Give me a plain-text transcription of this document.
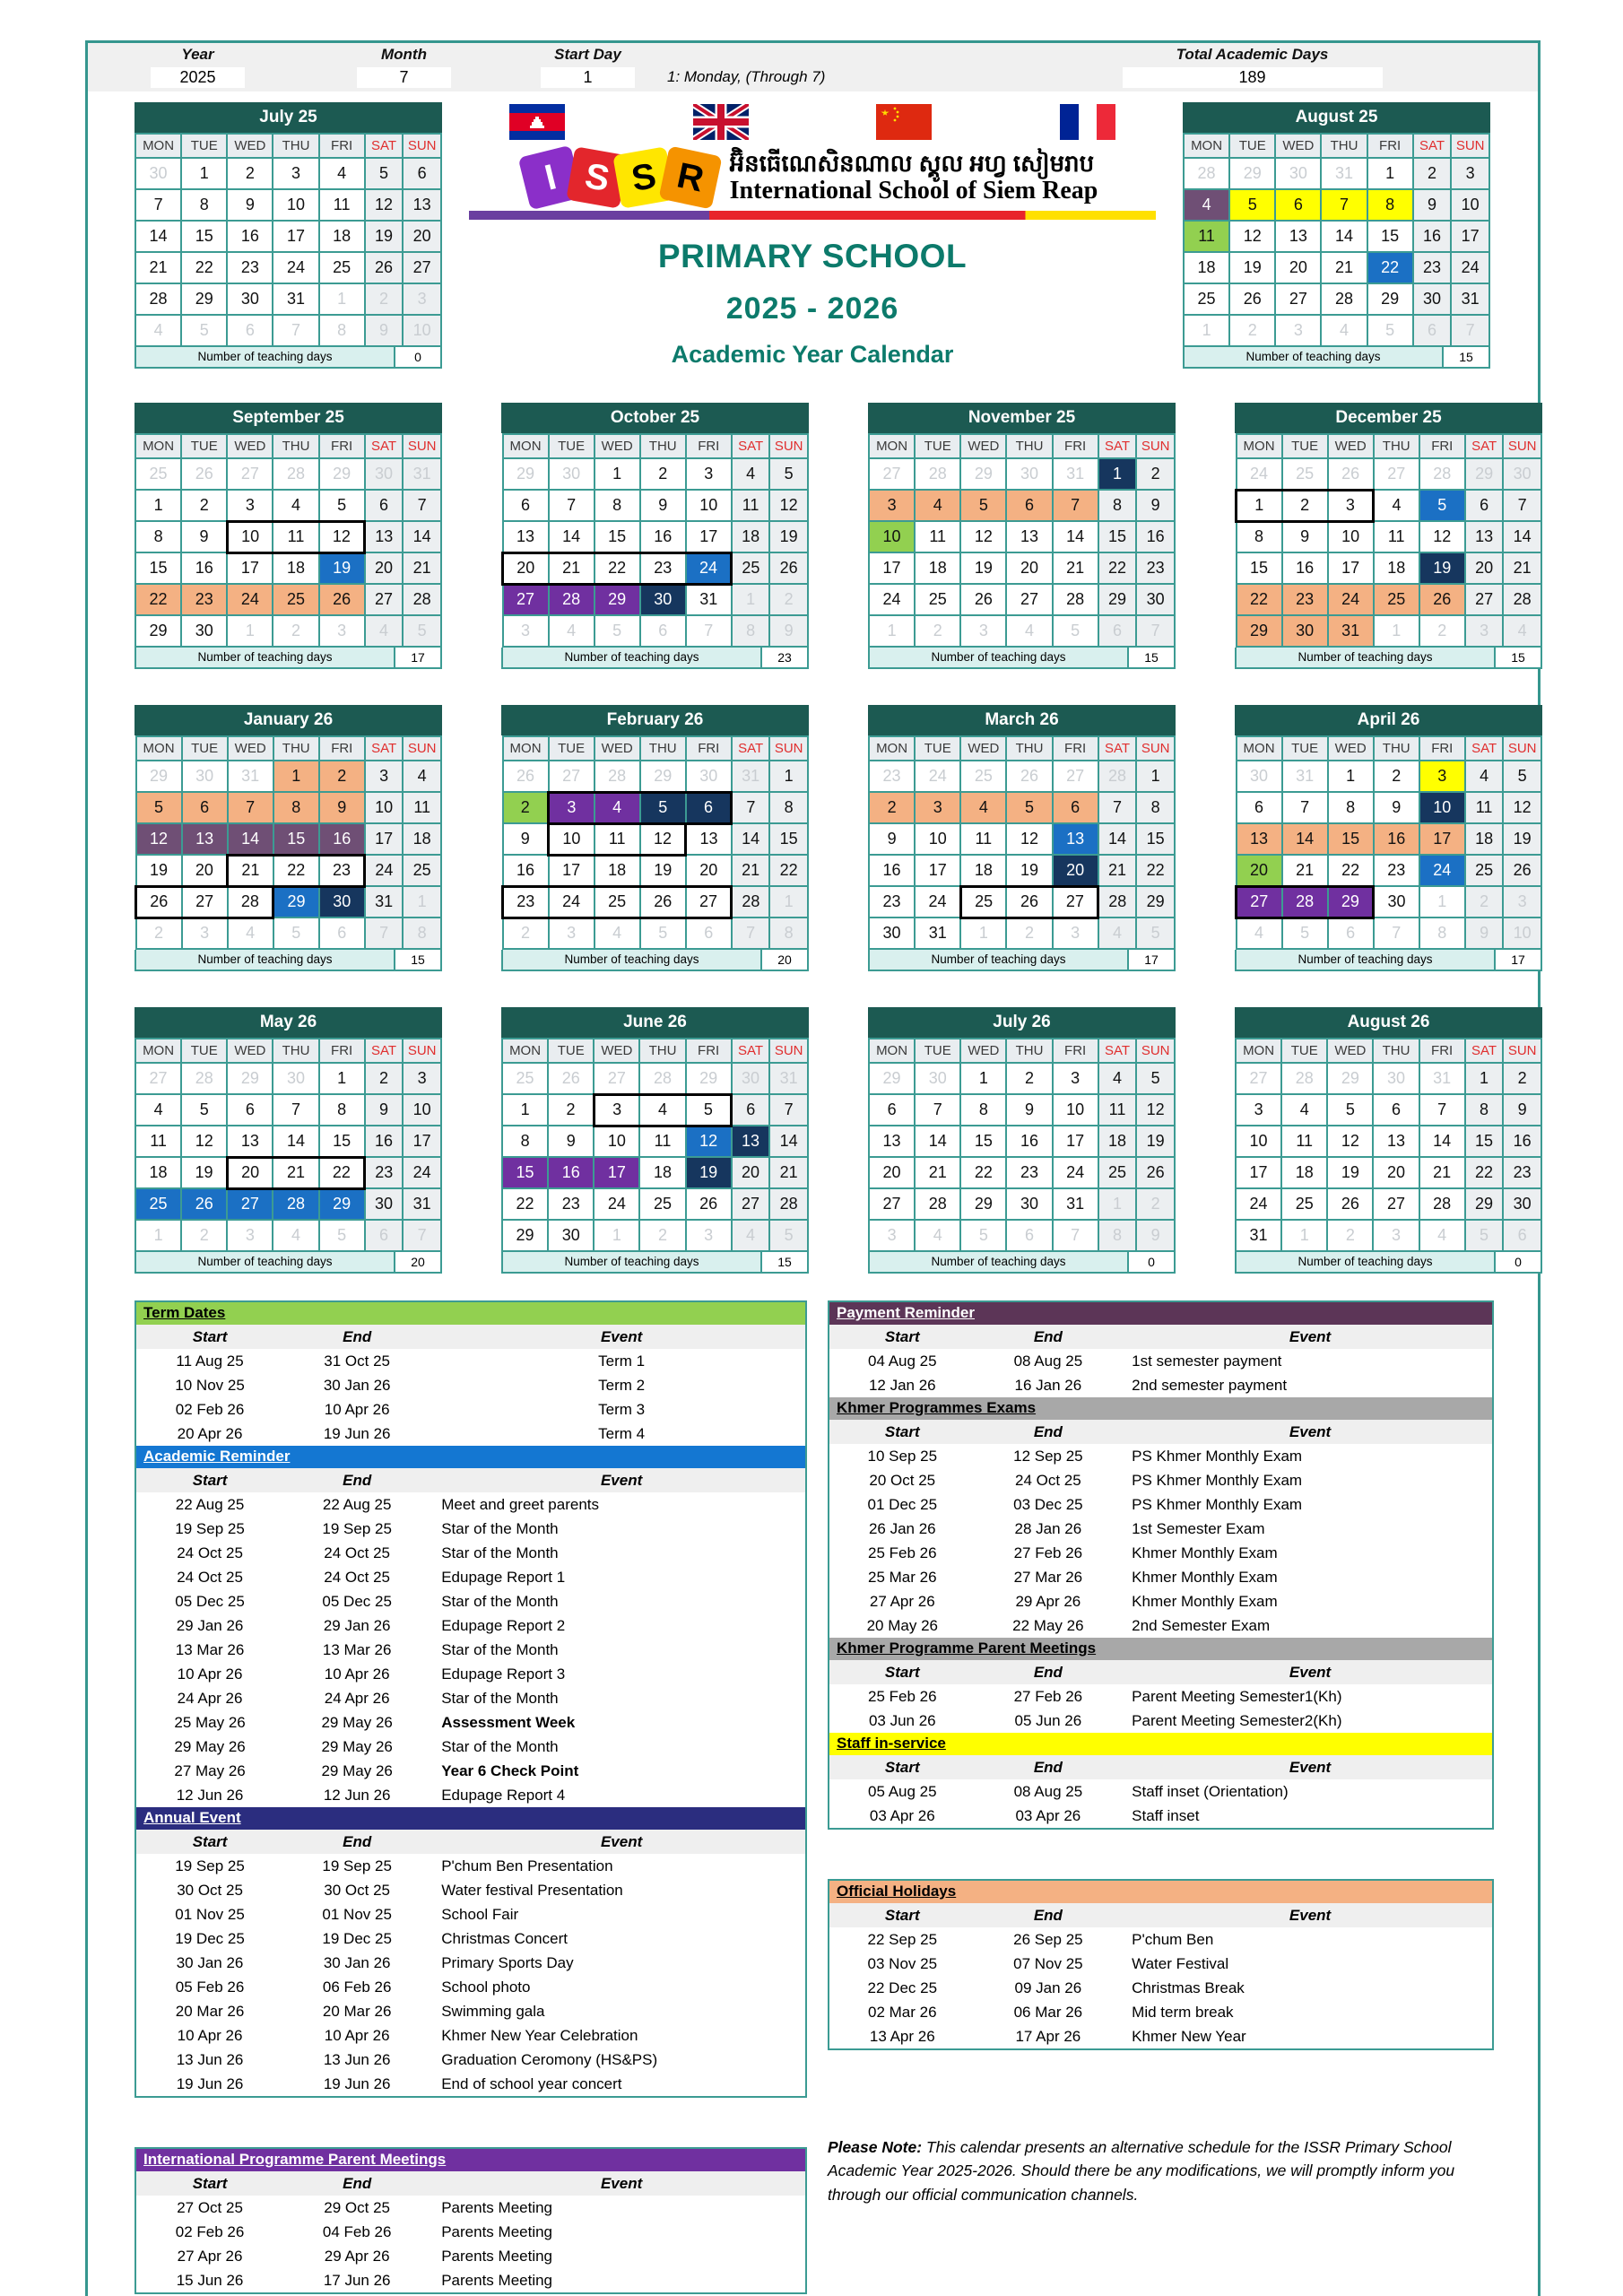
Year
2025
Month
7
Start Day
1	1: Monday, (Through 7)
Total Academic Days
189
July 25
MON	TUE	WED	THU	FRI	SAT	SUN
30	1	2	3	4	5	6
7	8	9	10	11	12	13
14	15	16	17	18	19	20
21	22	23	24	25	26	27
28	29	30	31	1	2	3
4	5	6	7	8	9	10
Number of teaching days	0
I S S R អ៊ិនធើណេសិនណាល ស្គូល អហ្វ សៀមរាប
International School of Siem Reap
PRIMARY SCHOOL
2025 - 2026
Academic Year Calendar
August 25
MON	TUE	WED	THU	FRI	SAT	SUN
28	29	30	31	1	2	3
4	5	6	7	8	9	10
11	12	13	14	15	16	17
18	19	20	21	22	23	24
25	26	27	28	29	30	31
1	2	3	4	5	6	7
Number of teaching days	15
September 25
MON	TUE	WED	THU	FRI	SAT	SUN
25	26	27	28	29	30	31
1	2	3	4	5	6	7
8	9	10	11	12	13	14
15	16	17	18	19	20	21
22	23	24	25	26	27	28
29	30	1	2	3	4	5
Number of teaching days	17
October 25
MON	TUE	WED	THU	FRI	SAT	SUN
29	30	1	2	3	4	5
6	7	8	9	10	11	12
13	14	15	16	17	18	19
20	21	22	23	24	25	26
27	28	29	30	31	1	2
3	4	5	6	7	8	9
Number of teaching days	23
November 25
MON	TUE	WED	THU	FRI	SAT	SUN
27	28	29	30	31	1	2
3	4	5	6	7	8	9
10	11	12	13	14	15	16
17	18	19	20	21	22	23
24	25	26	27	28	29	30
1	2	3	4	5	6	7
Number of teaching days	15
December 25
MON	TUE	WED	THU	FRI	SAT	SUN
24	25	26	27	28	29	30
1	2	3	4	5	6	7
8	9	10	11	12	13	14
15	16	17	18	19	20	21
22	23	24	25	26	27	28
29	30	31	1	2	3	4
Number of teaching days	15
January 26
MON	TUE	WED	THU	FRI	SAT	SUN
29	30	31	1	2	3	4
5	6	7	8	9	10	11
12	13	14	15	16	17	18
19	20	21	22	23	24	25
26	27	28	29	30	31	1
2	3	4	5	6	7	8
Number of teaching days	15
February 26
MON	TUE	WED	THU	FRI	SAT	SUN
26	27	28	29	30	31	1
2	3	4	5	6	7	8
9	10	11	12	13	14	15
16	17	18	19	20	21	22
23	24	25	26	27	28	1
2	3	4	5	6	7	8
Number of teaching days	20
March 26
MON	TUE	WED	THU	FRI	SAT	SUN
23	24	25	26	27	28	1
2	3	4	5	6	7	8
9	10	11	12	13	14	15
16	17	18	19	20	21	22
23	24	25	26	27	28	29
30	31	1	2	3	4	5
Number of teaching days	17
April 26
MON	TUE	WED	THU	FRI	SAT	SUN
30	31	1	2	3	4	5
6	7	8	9	10	11	12
13	14	15	16	17	18	19
20	21	22	23	24	25	26
27	28	29	30	1	2	3
4	5	6	7	8	9	10
Number of teaching days	17
May 26
MON	TUE	WED	THU	FRI	SAT	SUN
27	28	29	30	1	2	3
4	5	6	7	8	9	10
11	12	13	14	15	16	17
18	19	20	21	22	23	24
25	26	27	28	29	30	31
1	2	3	4	5	6	7
Number of teaching days	20
June 26
MON	TUE	WED	THU	FRI	SAT	SUN
25	26	27	28	29	30	31
1	2	3	4	5	6	7
8	9	10	11	12	13	14
15	16	17	18	19	20	21
22	23	24	25	26	27	28
29	30	1	2	3	4	5
Number of teaching days	15
July 26
MON	TUE	WED	THU	FRI	SAT	SUN
29	30	1	2	3	4	5
6	7	8	9	10	11	12
13	14	15	16	17	18	19
20	21	22	23	24	25	26
27	28	29	30	31	1	2
3	4	5	6	7	8	9
Number of teaching days	0
August 26
MON	TUE	WED	THU	FRI	SAT	SUN
27	28	29	30	31	1	2
3	4	5	6	7	8	9
10	11	12	13	14	15	16
17	18	19	20	21	22	23
24	25	26	27	28	29	30
31	1	2	3	4	5	6
Number of teaching days	0
Term Dates
Start	End	Event
11 Aug 25	31 Oct 25	Term 1
10 Nov 25	30 Jan 26	Term 2
02 Feb 26	10 Apr 26	Term 3
20 Apr 26	19 Jun 26	Term 4
Academic Reminder
Start	End	Event
22 Aug 25	22 Aug 25	Meet and greet parents
19 Sep 25	19 Sep 25	Star of the Month
24 Oct 25	24 Oct 25	Star of the Month
24 Oct 25	24 Oct 25	Edupage Report 1
05 Dec 25	05 Dec 25	Star of the Month
29 Jan 26	29 Jan 26	Edupage Report 2
13 Mar 26	13 Mar 26	Star of the Month
10 Apr 26	10 Apr 26	Edupage Report 3
24 Apr 26	24 Apr 26	Star of the Month
25 May 26	29 May 26	Assessment Week
29 May 26	29 May 26	Star of the Month
27 May 26	29 May 26	Year 6 Check Point
12 Jun 26	12 Jun 26	Edupage Report 4
Annual Event
Start	End	Event
19 Sep 25	19 Sep 25	P'chum Ben Presentation
30 Oct 25	30 Oct 25	Water festival Presentation
01 Nov 25	01 Nov 25	School Fair
19 Dec 25	19 Dec 25	Christmas Concert
30 Jan 26	30 Jan 26	Primary Sports Day
05 Feb 26	06 Feb 26	School photo
20 Mar 26	20 Mar 26	Swimming gala
10 Apr 26	10 Apr 26	Khmer New Year Celebration
13 Jun 26	13 Jun 26	Graduation Ceromony (HS&PS)
19 Jun 26	19 Jun 26	End of school year concert
International Programme Parent Meetings
Start	End	Event
27 Oct 25	29 Oct 25	Parents Meeting
02 Feb 26	04 Feb 26	Parents Meeting
27 Apr 26	29 Apr 26	Parents Meeting
15 Jun 26	17 Jun 26	Parents Meeting
Payment Reminder
Start	End	Event
04 Aug 25	08 Aug 25	1st semester payment
12 Jan 26	16 Jan 26	2nd semester payment
Khmer Programmes Exams
Start	End	Event
10 Sep 25	12 Sep 25	PS Khmer Monthly Exam
20 Oct 25	24 Oct 25	PS Khmer Monthly Exam
01 Dec 25	03 Dec 25	PS Khmer Monthly Exam
26 Jan 26	28 Jan 26	1st Semester Exam
25 Feb 26	27 Feb 26	Khmer Monthly Exam
25 Mar 26	27 Mar 26	Khmer Monthly Exam
27 Apr 26	29 Apr 26	Khmer Monthly Exam
20 May 26	22 May 26	2nd Semester Exam
Khmer Programme Parent Meetings
Start	End	Event
25 Feb 26	27 Feb 26	Parent Meeting Semester1(Kh)
03 Jun 26	05 Jun 26	Parent Meeting Semester2(Kh)
Staff in-service
Start	End	Event
05 Aug 25	08 Aug 25	Staff inset (Orientation)
03 Apr 26	03 Apr 26	Staff inset
Official Holidays
Start	End	Event
22 Sep 25	26 Sep 25	P'chum Ben
03 Nov 25	07 Nov 25	Water Festival
22 Dec 25	09 Jan 26	Christmas Break
02 Mar 26	06 Mar 26	Mid term break
13 Apr 26	17 Apr 26	Khmer New Year
Please Note: This calendar presents an alternative schedule for the ISSR Primary School Academic Year 2025-2026. Should there be any modifications, we will promptly inform you through our official communication channels.
